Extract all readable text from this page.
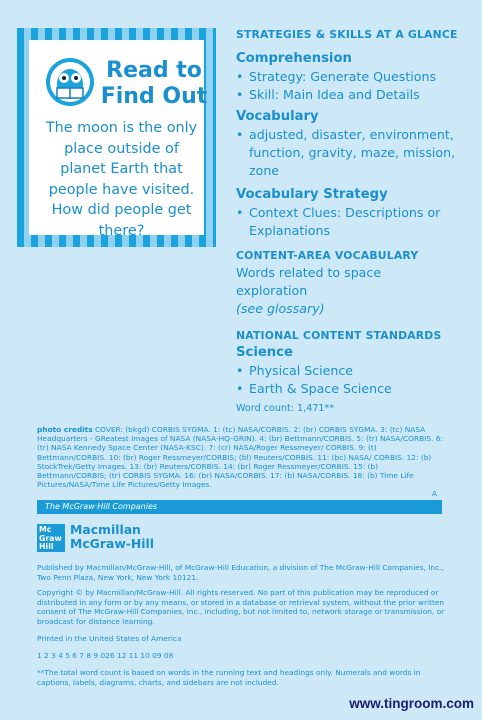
Read to
Find Out
The moon is the only place outside of planet Earth that people have visited. How did people get there?
STRATEGIES & SKILLS AT A GLANCE
Comprehension
• Strategy: Generate Questions
• Skill: Main Idea and Details
Vocabulary
• adjusted, disaster, environment, function, gravity, maze, mission, zone
Vocabulary Strategy
• Context Clues: Descriptions or Explanations
CONTENT-AREA VOCABULARY
Words related to space exploration
(see glossary)
NATIONAL CONTENT STANDARDS
Science
• Physical Science
• Earth & Space Science
Word count: 1,471**
photo credits COVER: (bkgd) CORBIS SYGMA. 1: (tc) NASA/CORBIS. 2: (br) CORBIS SYGMA. 3: (tc) NASA Headquarters - GReatest Images of NASA (NASA-HQ-GRIN). 4: (br) Bettmann/CORBIS. 5: (tr) NASA/CORBIS. 6: (tr) NASA Kennedy Space Center (NASA-KSC). 7: (cr) NASA/Roger Ressmeyer/ CORBIS. 9: (t) Bettmann/CORBIS. 10: (br) Roger Ressmeyer/CORBIS; (bl) Reuters/CORBIS. 11: (bc) NASA/ CORBIS. 12: (b) StockTrek/Getty Images. 13: (br) Reuters/CORBIS. 14: (br) Roger Ressmeyer/CORBIS. 15: (b) Bettmann/CORBIS; (tr) CORBIS SYGMA. 16: (br) NASA/CORBIS. 17: (b) NASA/CORBIS. 18: (b) Time Life Pictures/NASA/Time Life Pictures/Getty Images.
A
The McGraw·Hill Companies
Mc
Graw
Hill
Macmillan
McGraw-Hill
Published by Macmillan/McGraw-Hill, of McGraw-Hill Education, a division of The McGraw-Hill Companies, Inc., Two Penn Plaza, New York, New York 10121.
Copyright © by Macmillan/McGraw-Hill. All rights reserved. No part of this publication may be reproduced or distributed in any form or by any means, or stored in a database or retrieval system, without the prior written consent of The McGraw-Hill Companies, Inc., including, but not limited to, network storage or transmission, or broadcast for distance learning.
Printed in the United States of America
1 2 3 4 5 6 7 8 9 026 12 11 10 09 08
**The total word count is based on words in the running text and headings only. Numerals and words in captions, labels, diagrams, charts, and sidebars are not included.
www.tingroom.com
